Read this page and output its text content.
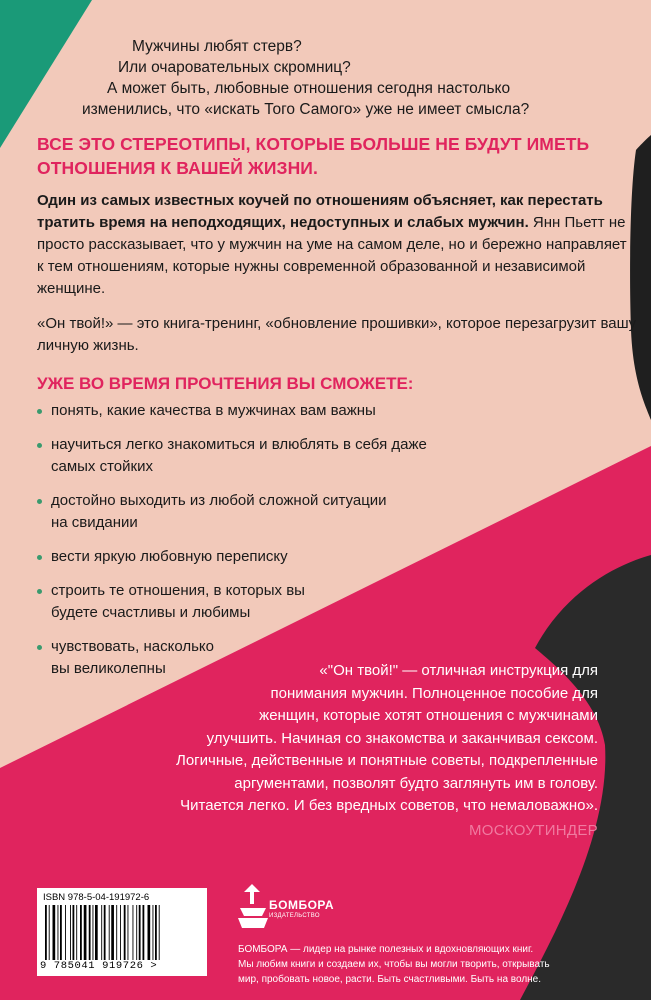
Мужчины любят стерв?
Или очаровательных скромниц?
А может быть, любовные отношения сегодня настолько
изменились, что «искать Того Самого» уже не имеет смысла?
ВСЕ ЭТО СТЕРЕОТИПЫ, КОТОРЫЕ БОЛЬШЕ НЕ БУДУТ ИМЕТЬ ОТНОШЕНИЯ К ВАШЕЙ ЖИЗНИ.
Один из самых известных коучей по отношениям объясняет, как перестать тратить время на неподходящих, недоступных и слабых мужчин. Янн Пьетт не просто рассказывает, что у мужчин на уме на самом деле, но и бережно направляет к тем отношениям, которые нужны современной образованной и независимой женщине.
«Он твой!» — это книга-тренинг, «обновление прошивки», которое перезагрузит вашу личную жизнь.
УЖЕ ВО ВРЕМЯ ПРОЧТЕНИЯ ВЫ СМОЖЕТЕ:
понять, какие качества в мужчинах вам важны
научиться легко знакомиться и влюблять в себя даже
самых стойких
достойно выходить из любой сложной ситуации
на свидании
вести яркую любовную переписку
строить те отношения, в которых вы
будете счастливы и любимы
чувствовать, насколько
вы великолепны	«"Он твой!" — отличная инструкция для
понимания мужчин. Полноценное пособие для
женщин, которые хотят отношения с мужчинами
улучшить. Начиная со знакомства и заканчивая сексом.
Логичные, действенные и понятные советы, подкрепленные
аргументами, позволят будто заглянуть им в голову.
Читается легко. И без вредных советов, что немаловажно».
МОСКОУТИНДЕР
ISBN 978-5-04-191972-6
9 785041 919726 >
БОМБОРА
ИЗДАТЕЛЬСТВО
БОМБОРА — лидер на рынке полезных и вдохновляющих книг.
Мы любим книги и создаем их, чтобы вы могли творить, открывать
мир, пробовать новое, расти. Быть счастливыми. Быть на волне.
